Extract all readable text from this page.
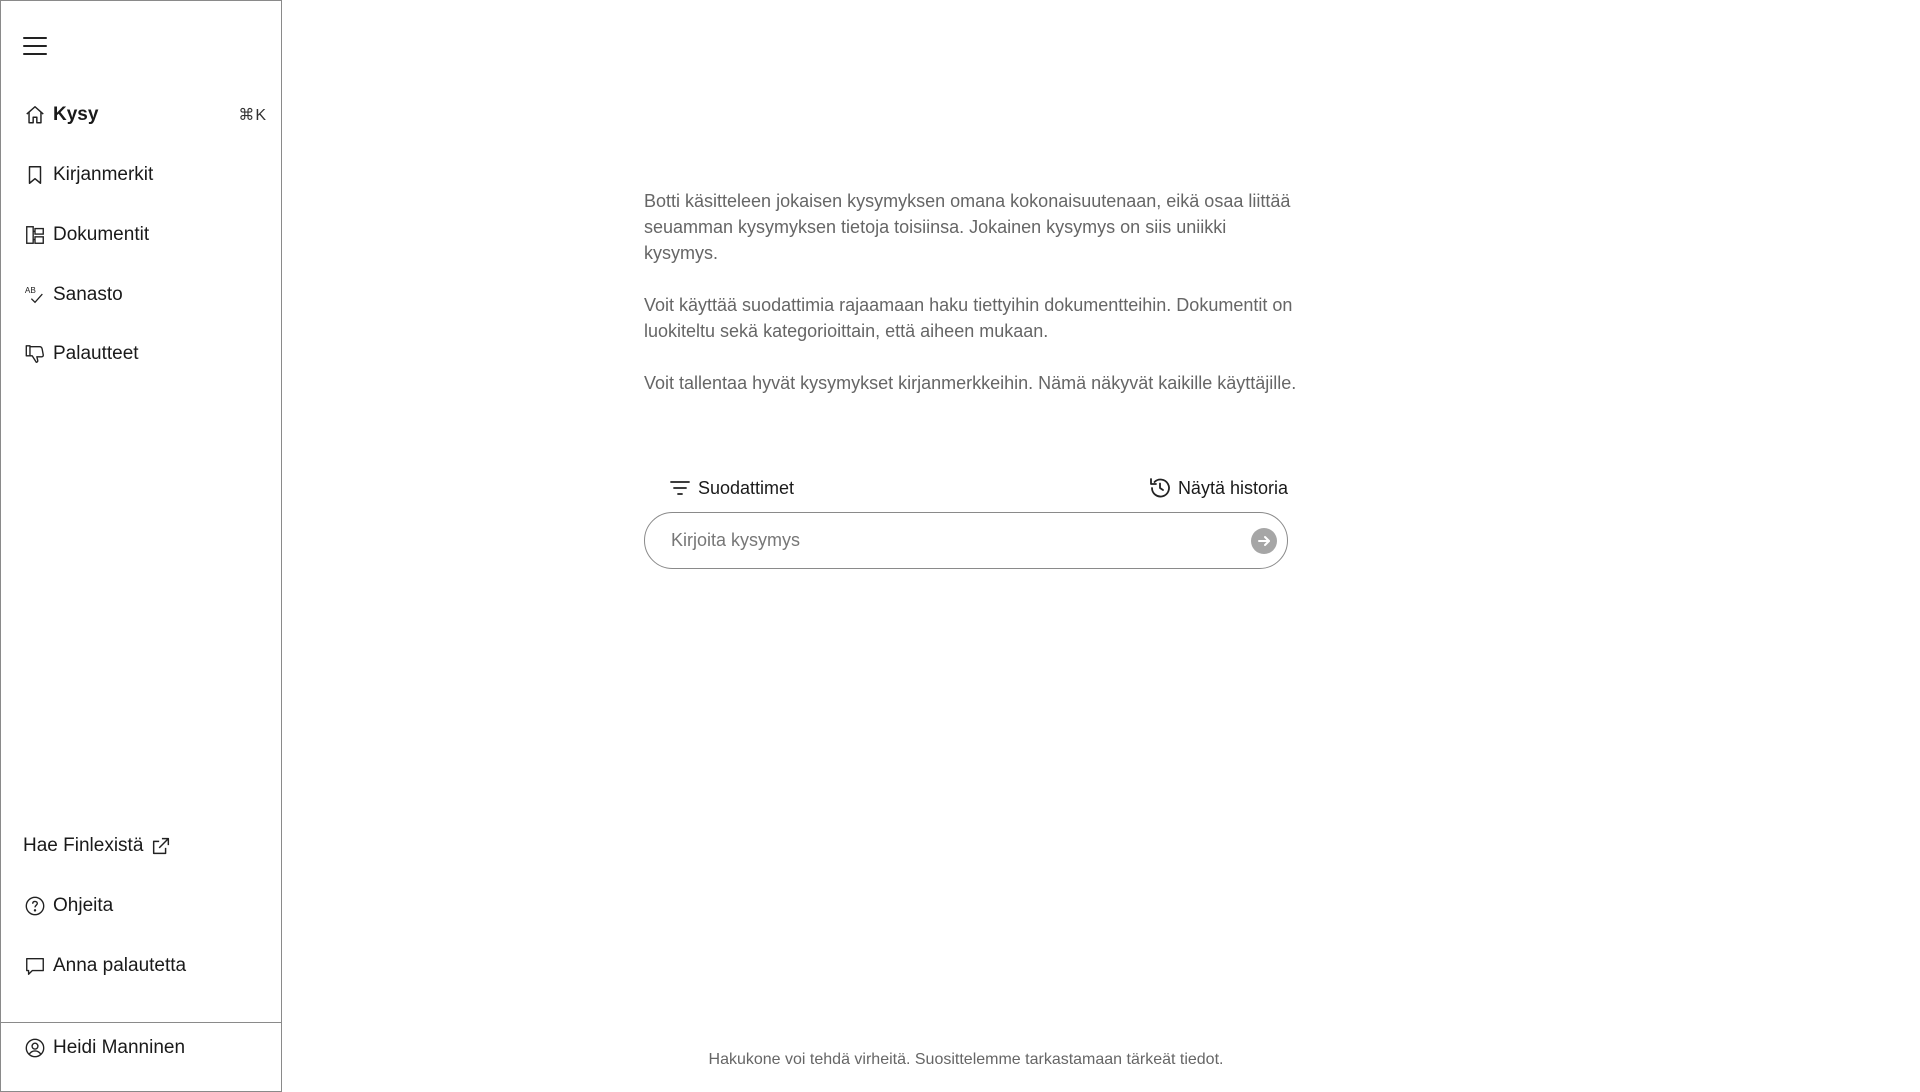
Kysy	⌘K
Kirjanmerkit
Dokumentit
AB Sanasto
Palautteet
Hae Finlexistä
Ohjeita
Anna palautetta
Heidi Manninen

Botti käsitteleen jokaisen kysymyksen omana kokonaisuutenaan, eikä osaa liittää seuamman kysymyksen tietoja toisiinsa. Jokainen kysymys on siis uniikki kysymys.

Voit käyttää suodattimia rajaamaan haku tiettyihin dokumentteihin. Dokumentit on luokiteltu sekä kategorioittain, että aiheen mukaan.

Voit tallentaa hyvät kysymykset kirjanmerkkeihin. Nämä näkyvät kaikille käyttäjille.

Suodattimet	Näytä historia
Kirjoita kysymys
Hakukone voi tehdä virheitä. Suosittelemme tarkastamaan tärkeät tiedot.
